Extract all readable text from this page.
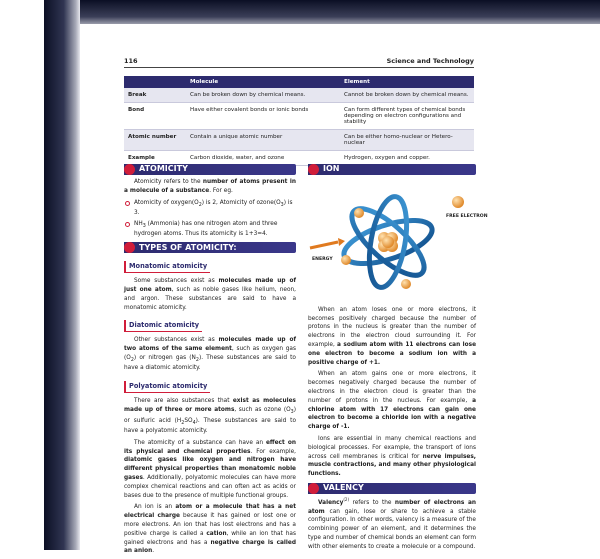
116	Science and Technology
	Molecule	Element
Break	Can be broken down by chemical means.	Cannot be broken down by chemical means.
Bond	Have either covalent bonds or ionic bonds	Can form different types of chemical bonds depending on electron configurations and stability
Atomic number	Contain a unique atomic number	Can be either homo-nuclear or Hetero-nuclear
Example	Carbon dioxide, water, and ozone	Hydrogen, oxygen and copper.
ATOMICITY

Atomicity refers to the number of atoms present in a molecule of a substance. For eg.

Atomicity of $oxygen(O_2)$ is 2, Atomicity of $ozone(O_3)$ is 3.
$NH_3$ (Ammonia) has one nitrogen atom and three hydrogen atoms. Thus its atomicity is 1+3=4.
TYPES OF ATOMICITY:
Monatomic atomicity

Some substances exist as molecules made up of just one atom, such as noble gases like helium, neon, and argon. These substances are said to have a monatomic atomicity.

Diatomic atomicity

Other substances exist as molecules made up of two atoms of the same element, such as oxygen gas $(O_2)$ or nitrogen gas $(N_2)$. These substances are said to have a diatomic atomicity.

Polyatomic atomicity

There are also substances that exist as molecules made up of three or more atoms, such as ozone $(O_3)$ or sulfuric acid $(H_2SO_4)$. These substances are said to have a polyatomic atomicity.

The atomicity of a substance can have an effect on its physical and chemical properties. For example, diatomic gases like oxygen and nitrogen have different physical properties than monatomic noble gases. Additionally, polyatomic molecules can have more complex chemical reactions and can often act as acids or bases due to the presence of multiple functional groups.

An ion is an atom or a molecule that has a net electrical charge because it has gained or lost one or more electrons. An ion that has lost electrons and has a positive charge is called a cation, while an ion that has gained electrons and has a negative charge is called an anion.

ION
FREE ELECTRON
ENERGY

When an atom loses one or more electrons, it becomes positively charged because the number of protons in the nucleus is greater than the number of electrons in the electron cloud surrounding it. For example, a sodium atom with 11 electrons can lose one electron to become a sodium ion with a positive charge of +1.

When an atom gains one or more electrons, it becomes negatively charged because the number of electrons in the electron cloud is greater than the number of protons in the nucleus. For example, a chlorine atom with 17 electrons can gain one electron to become a chloride ion with a negative charge of -1.

Ions are essential in many chemical reactions and biological processes. For example, the transport of ions across cell membranes is critical for nerve impulses, muscle contractions, and many other physiological functions.

VALENCY

Valency$^{(2)}$ refers to the number of electrons an atom can gain, lose or share to achieve a stable configuration. In other words, valency is a measure of the combining power of an element, and it determines the type and number of chemical bonds an element can form with other elements to create a molecule or a compound.
